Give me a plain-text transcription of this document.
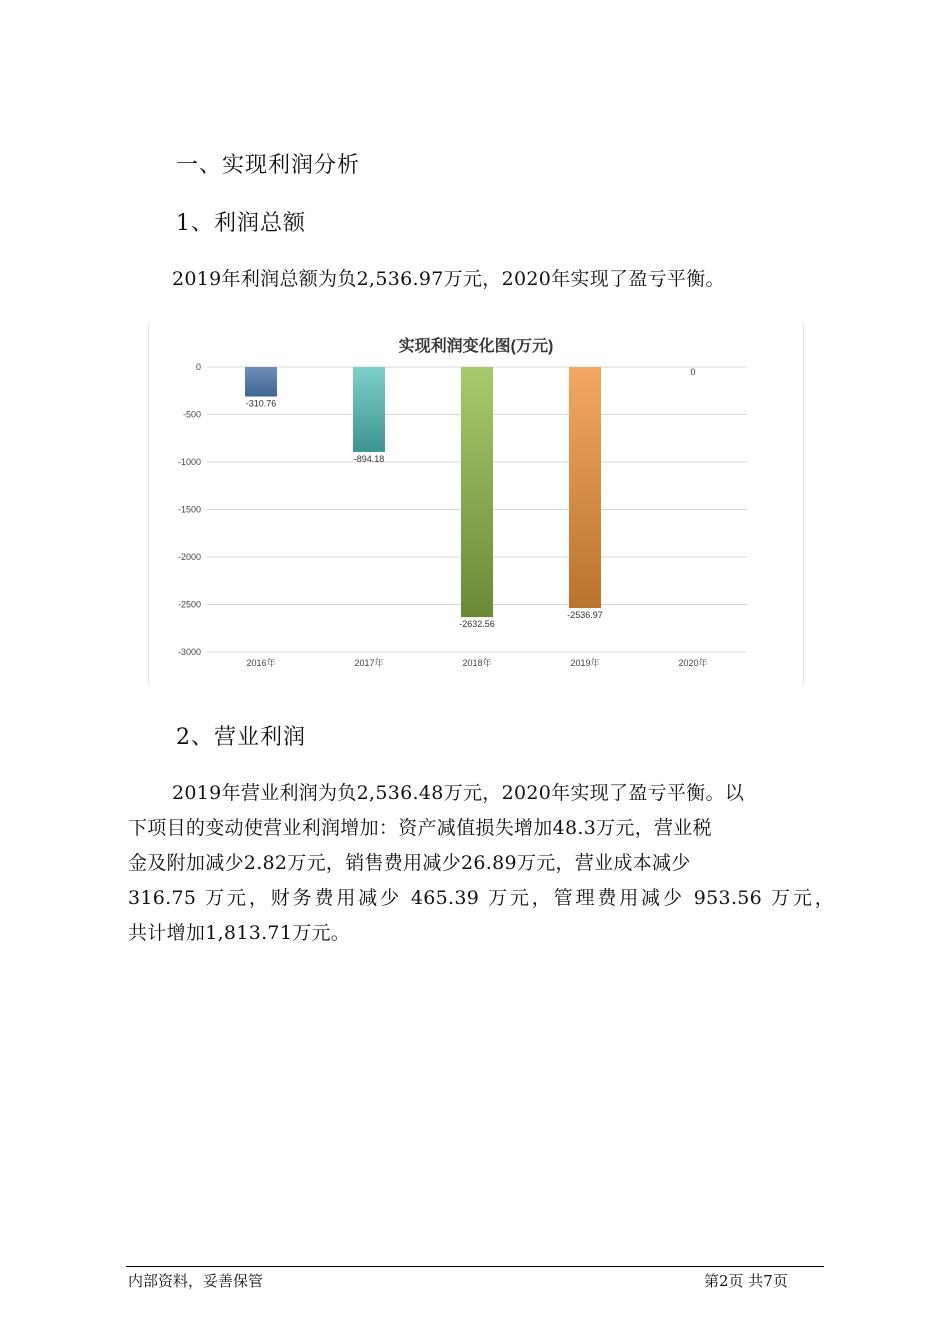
一、实现利润分析
1、利润总额
2019年利润总额为负2,536.97万元，2020年实现了盈亏平衡。
实现利润变化图(万元)
0
-500
-1000
-1500
-2000
-2500
-3000
-310.76
2016年
-894.18
2017年
-2632.56
2018年
-2536.97
2019年
0
2020年
2、营业利润
2019年营业利润为负2,536.48万元，2020年实现了盈亏平衡。以
下项目的变动使营业利润增加：资产减值损失增加48.3万元，营业税
金及附加减少2.82万元，销售费用减少26.89万元，营业成本减少
316.75 万元，财务费用减少 465.39 万元，管理费用减少 953.56 万元，
共计增加1,813.71万元。
内部资料，妥善保管	第2页 共7页
